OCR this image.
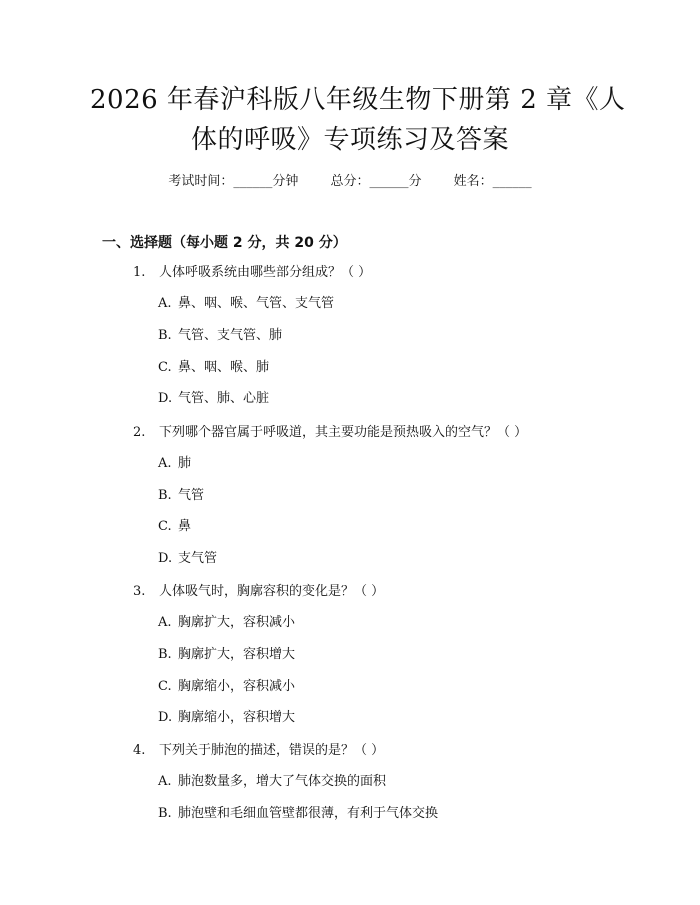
2026 年春沪科版八年级生物下册第 2 章《人
体的呼吸》专项练习及答案
考试时间：______分钟 总分：______分 姓名：______
一、选择题（每小题 2 分，共 20 分）
1. 人体呼吸系统由哪些部分组成？（ ）
A. 鼻、咽、喉、气管、支气管
B. 气管、支气管、肺
C. 鼻、咽、喉、肺
D. 气管、肺、心脏
2. 下列哪个器官属于呼吸道，其主要功能是预热吸入的空气？（ ）
A. 肺
B. 气管
C. 鼻
D. 支气管
3. 人体吸气时，胸廓容积的变化是？（ ）
A. 胸廓扩大，容积减小
B. 胸廓扩大，容积增大
C. 胸廓缩小，容积减小
D. 胸廓缩小，容积增大
4. 下列关于肺泡的描述，错误的是？（ ）
A. 肺泡数量多，增大了气体交换的面积
B. 肺泡壁和毛细血管壁都很薄，有利于气体交换
